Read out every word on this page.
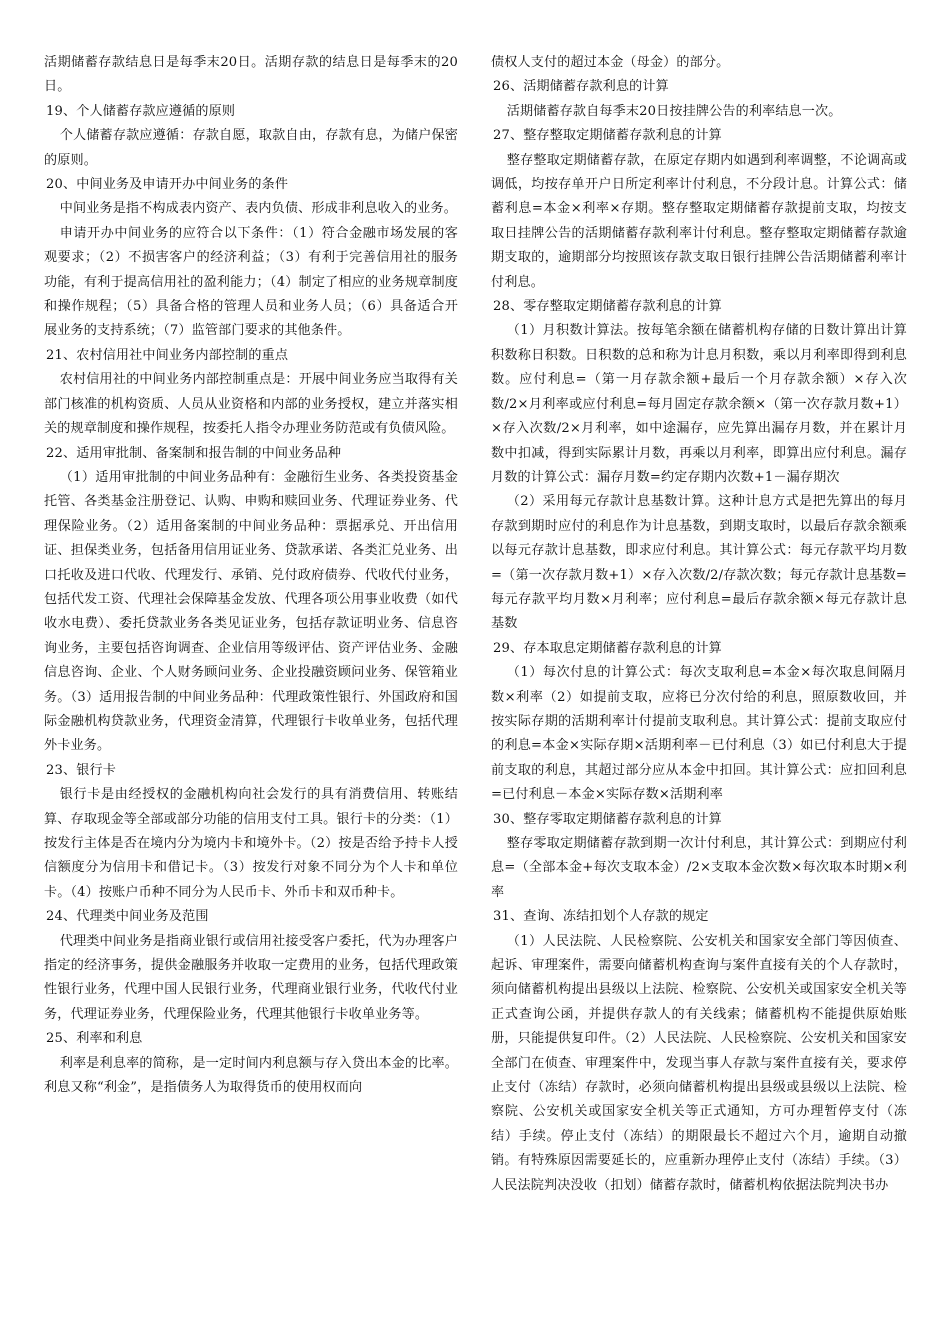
活期储蓄存款结息日是每季末20日。活期存款的结息日是每季末的20日。

19、个人储蓄存款应遵循的原则

个人储蓄存款应遵循：存款自愿，取款自由，存款有息，为储户保密的原则。

20、中间业务及申请开办中间业务的条件

中间业务是指不构成表内资产、表内负债、形成非利息收入的业务。

申请开办中间业务的应符合以下条件：（1）符合金融市场发展的客观要求；（2）不损害客户的经济利益；（3）有利于完善信用社的服务功能，有利于提高信用社的盈利能力；（4）制定了相应的业务规章制度和操作规程；（5）具备合格的管理人员和业务人员；（6）具备适合开展业务的支持系统；（7）监管部门要求的其他条件。

21、农村信用社中间业务内部控制的重点

农村信用社的中间业务内部控制重点是：开展中间业务应当取得有关部门核准的机构资质、人员从业资格和内部的业务授权，建立并落实相关的规章制度和操作规程，按委托人指令办理业务防范或有负债风险。

22、适用审批制、备案制和报告制的中间业务品种

（1）适用审批制的中间业务品种有：金融衍生业务、各类投资基金托管、各类基金注册登记、认购、申购和赎回业务、代理证券业务、代理保险业务。（2）适用备案制的中间业务品种：票据承兑、开出信用证、担保类业务，包括备用信用证业务、贷款承诺、各类汇兑业务、出口托收及进口代收、代理发行、承销、兑付政府债券、代收代付业务，包括代发工资、代理社会保障基金发放、代理各项公用事业收费（如代收水电费）、委托贷款业务各类见证业务，包括存款证明业务、信息咨询业务，主要包括咨询调查、企业信用等级评估、资产评估业务、金融信息咨询、企业、个人财务顾问业务、企业投融资顾问业务、保管箱业务。（3）适用报告制的中间业务品种：代理政策性银行、外国政府和国际金融机构贷款业务，代理资金清算，代理银行卡收单业务，包括代理外卡业务。

23、银行卡

银行卡是由经授权的金融机构向社会发行的具有消费信用、转账结算、存取现金等全部或部分功能的信用支付工具。银行卡的分类：（1）按发行主体是否在境内分为境内卡和境外卡。（2）按是否给予持卡人授信额度分为信用卡和借记卡。（3）按发行对象不同分为个人卡和单位卡。（4）按账户币种不同分为人民币卡、外币卡和双币种卡。

24、代理类中间业务及范围

代理类中间业务是指商业银行或信用社接受客户委托，代为办理客户指定的经济事务，提供金融服务并收取一定费用的业务，包括代理政策性银行业务，代理中国人民银行业务，代理商业银行业务，代收代付业务，代理证券业务，代理保险业务，代理其他银行卡收单业务等。

25、利率和利息

利率是利息率的简称，是一定时间内利息额与存入贷出本金的比率。利息又称“利金”，是指债务人为取得货币的使用权而向

债权人支付的超过本金（母金）的部分。

26、活期储蓄存款利息的计算

活期储蓄存款自每季末20日按挂牌公告的利率结息一次。

27、整存整取定期储蓄存款利息的计算

整存整取定期储蓄存款，在原定存期内如遇到利率调整，不论调高或调低，均按存单开户日所定利率计付利息，不分段计息。计算公式：储蓄利息=本金×利率×存期。整存整取定期储蓄存款提前支取，均按支取日挂牌公告的活期储蓄存款利率计付利息。整存整取定期储蓄存款逾期支取的，逾期部分均按照该存款支取日银行挂牌公告活期储蓄利率计付利息。

28、零存整取定期储蓄存款利息的计算

（1）月积数计算法。按每笔余额在储蓄机构存储的日数计算出计算积数称日积数。日积数的总和称为计息月积数，乘以月利率即得到利息数。应付利息=（第一月存款余额+最后一个月存款余额）×存入次数/2×月利率或应付利息=每月固定存款余额×（第一次存款月数+1）×存入次数/2×月利率，如中途漏存，应先算出漏存月数，并在累计月数中扣减，得到实际累计月数，再乘以月利率，即算出应付利息。漏存月数的计算公式：漏存月数=约定存期内次数+1－漏存期次

（2）采用每元存款计息基数计算。这种计息方式是把先算出的每月存款到期时应付的利息作为计息基数，到期支取时，以最后存款余额乘以每元存款计息基数，即求应付利息。其计算公式：每元存款平均月数=（第一次存款月数+1）×存入次数/2/存款次数；每元存款计息基数=每元存款平均月数×月利率；应付利息=最后存款余额×每元存款计息基数

29、存本取息定期储蓄存款利息的计算

（1）每次付息的计算公式：每次支取利息=本金×每次取息间隔月数×利率（2）如提前支取，应将已分次付给的利息，照原数收回，并按实际存期的活期利率计付提前支取利息。其计算公式：提前支取应付的利息=本金×实际存期×活期利率－已付利息（3）如已付利息大于提前支取的利息，其超过部分应从本金中扣回。其计算公式：应扣回利息=已付利息－本金×实际存数×活期利率

30、整存零取定期储蓄存款利息的计算

整存零取定期储蓄存款到期一次计付利息，其计算公式：到期应付利息=（全部本金+每次支取本金）/2×支取本金次数×每次取本时期×利率

31、查询、冻结扣划个人存款的规定

（1）人民法院、人民检察院、公安机关和国家安全部门等因侦查、起诉、审理案件，需要向储蓄机构查询与案件直接有关的个人存款时，须向储蓄机构提出县级以上法院、检察院、公安机关或国家安全机关等正式查询公函，并提供存款人的有关线索；储蓄机构不能提供原始账册，只能提供复印件。（2）人民法院、人民检察院、公安机关和国家安全部门在侦查、审理案件中，发现当事人存款与案件直接有关，要求停止支付（冻结）存款时，必须向储蓄机构提出县级或县级以上法院、检察院、公安机关或国家安全机关等正式通知，方可办理暂停支付（冻结）手续。停止支付（冻结）的期限最长不超过六个月，逾期自动撤销。有特殊原因需要延长的，应重新办理停止支付（冻结）手续。（3）人民法院判决没收（扣划）储蓄存款时，储蓄机构依据法院判决书办
